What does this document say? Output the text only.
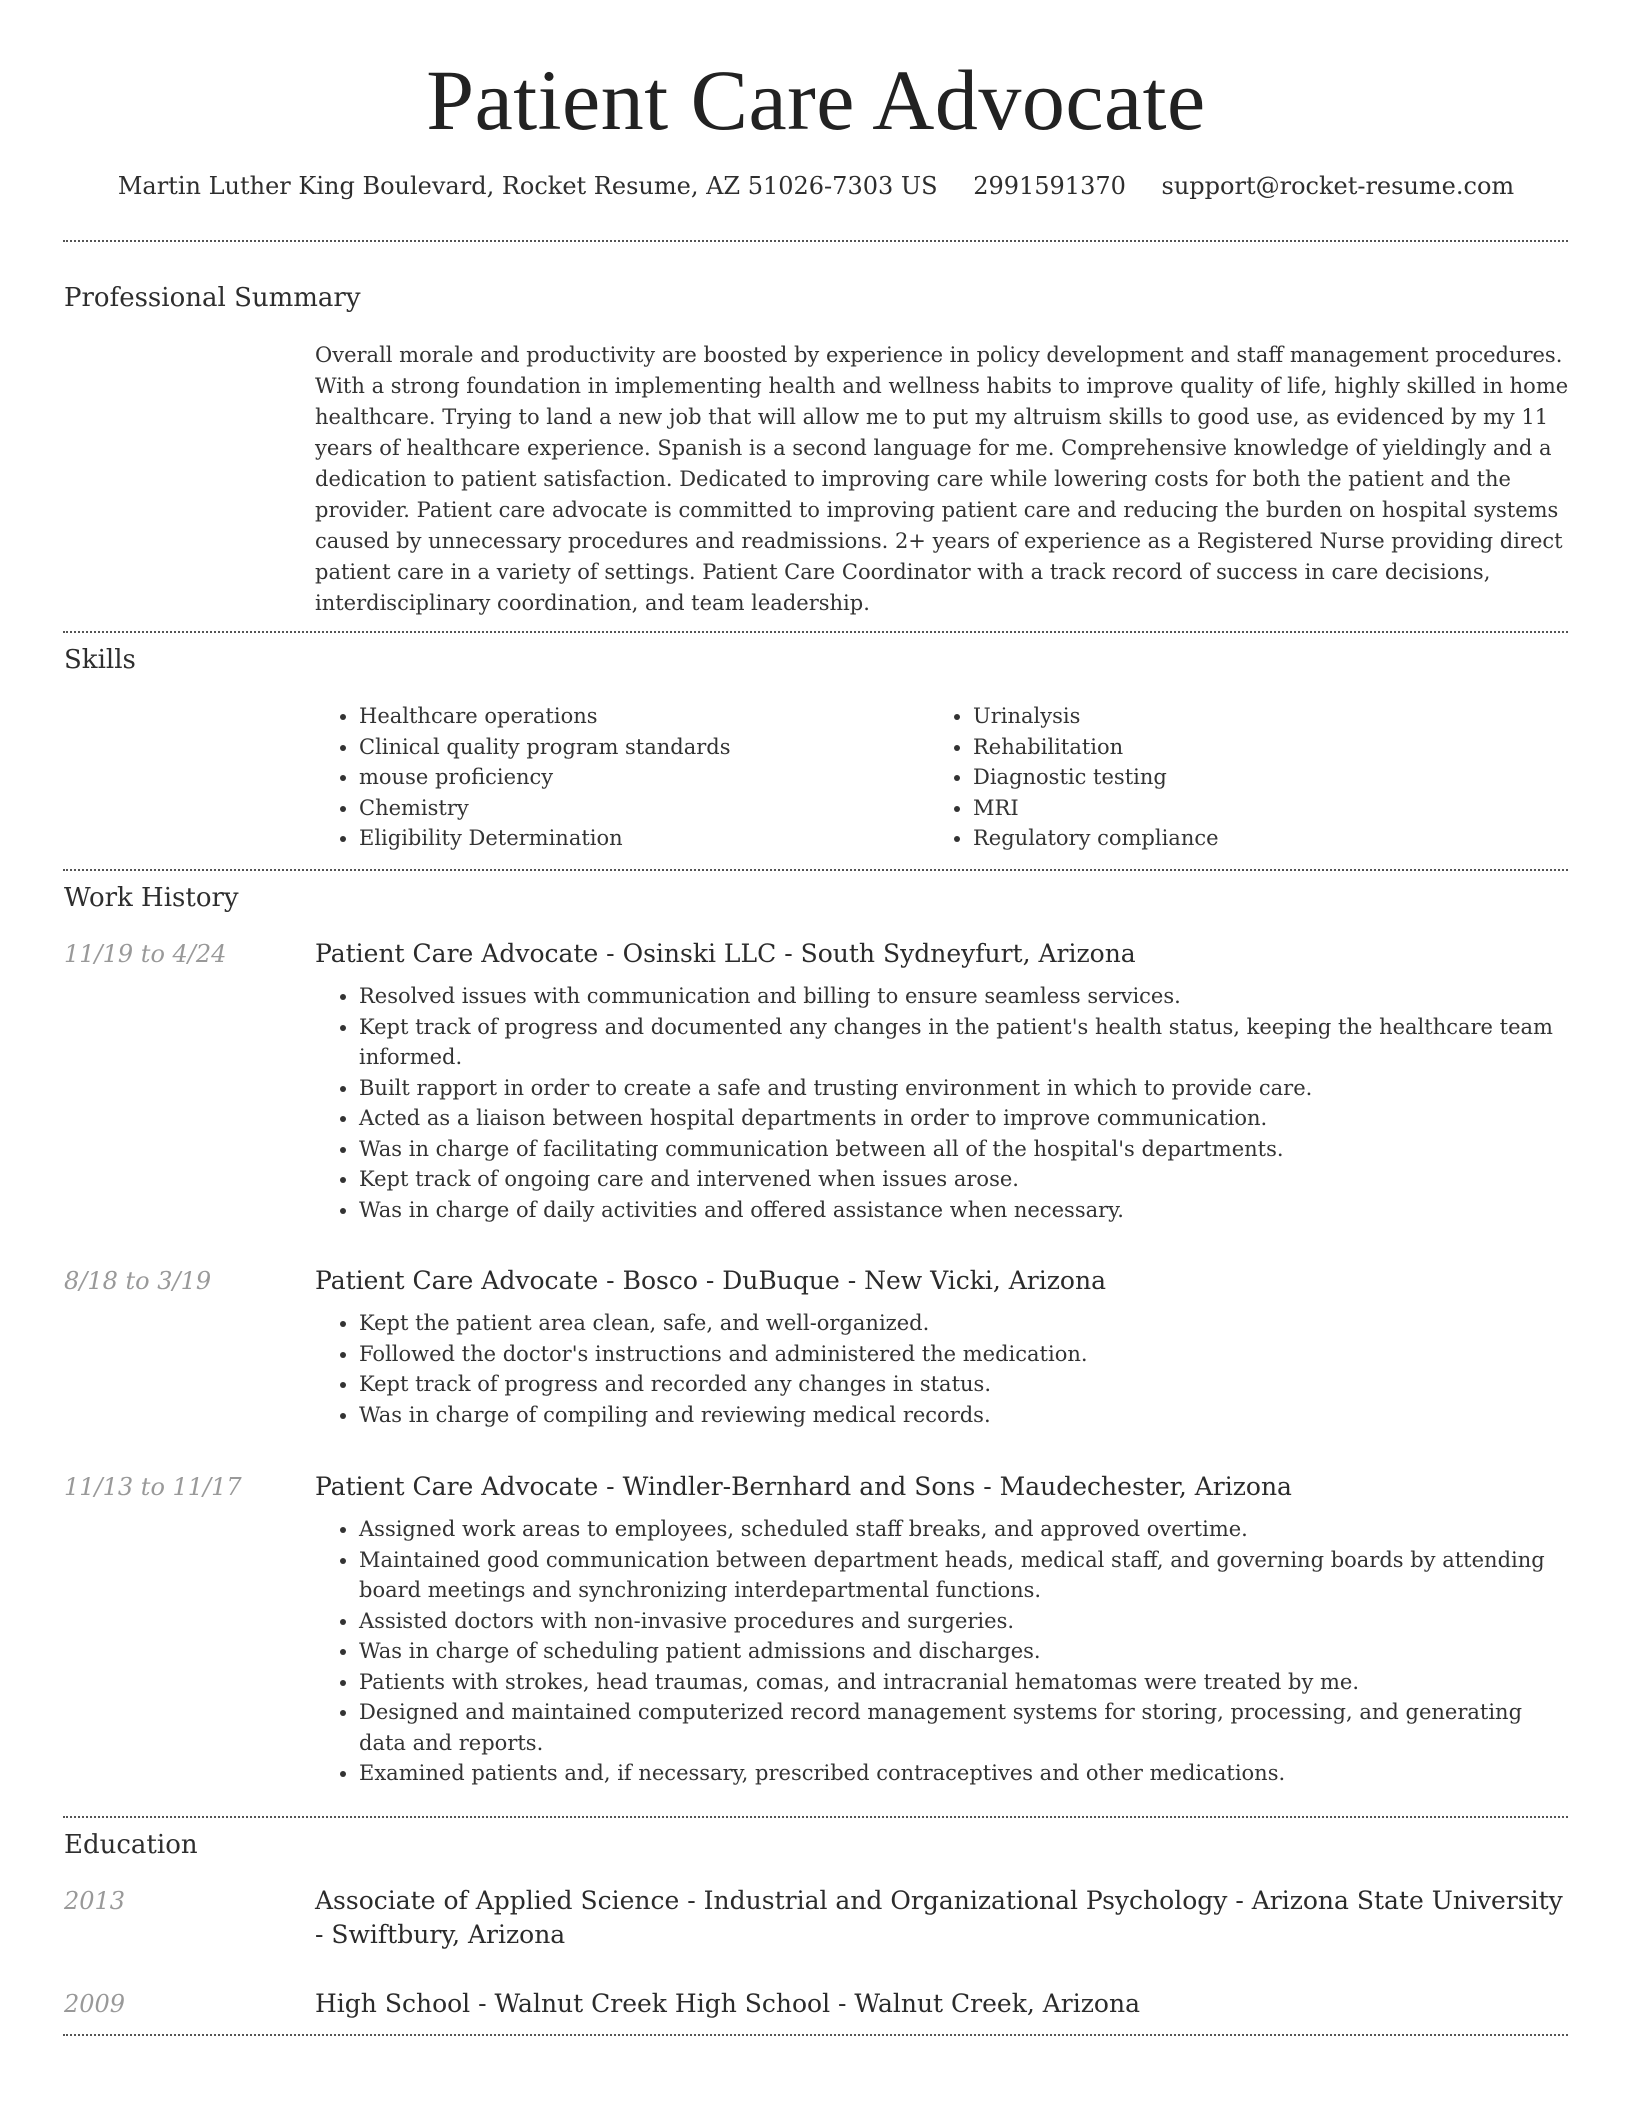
Patient Care Advocate
Martin Luther King Boulevard, Rocket Resume, AZ 51026-7303 US 2991591370 support@rocket-resume.com
Professional Summary

Overall morale and productivity are boosted by experience in policy development and staff management procedures. With a strong foundation in implementing health and wellness habits to improve quality of life, highly skilled in home healthcare. Trying to land a new job that will allow me to put my altruism skills to good use, as evidenced by my 11 years of healthcare experience. Spanish is a second language for me. Comprehensive knowledge of yieldingly and a dedication to patient satisfaction. Dedicated to improving care while lowering costs for both the patient and the provider. Patient care advocate is committed to improving patient care and reducing the burden on hospital systems caused by unnecessary procedures and readmissions. 2+ years of experience as a Registered Nurse providing direct patient care in a variety of settings. Patient Care Coordinator with a track record of success in care decisions, interdisciplinary coordination, and team leadership.

Skills
• Healthcare operations
• Clinical quality program standards
• mouse proficiency
• Chemistry
• Eligibility Determination
• Urinalysis
• Rehabilitation
• Diagnostic testing
• MRI
• Regulatory compliance
Work History
11/19 to 4/24	Patient Care Advocate - Osinski LLC - South Sydneyfurt, Arizona
• Resolved issues with communication and billing to ensure seamless services.
• Kept track of progress and documented any changes in the patient's health status, keeping the healthcare team informed.
• Built rapport in order to create a safe and trusting environment in which to provide care.
• Acted as a liaison between hospital departments in order to improve communication.
• Was in charge of facilitating communication between all of the hospital's departments.
• Kept track of ongoing care and intervened when issues arose.
• Was in charge of daily activities and offered assistance when necessary.
8/18 to 3/19	Patient Care Advocate - Bosco - DuBuque - New Vicki, Arizona
• Kept the patient area clean, safe, and well-organized.
• Followed the doctor's instructions and administered the medication.
• Kept track of progress and recorded any changes in status.
• Was in charge of compiling and reviewing medical records.
11/13 to 11/17	Patient Care Advocate - Windler-Bernhard and Sons - Maudechester, Arizona
• Assigned work areas to employees, scheduled staff breaks, and approved overtime.
• Maintained good communication between department heads, medical staff, and governing boards by attending board meetings and synchronizing interdepartmental functions.
• Assisted doctors with non-invasive procedures and surgeries.
• Was in charge of scheduling patient admissions and discharges.
• Patients with strokes, head traumas, comas, and intracranial hematomas were treated by me.
• Designed and maintained computerized record management systems for storing, processing, and generating data and reports.
• Examined patients and, if necessary, prescribed contraceptives and other medications.
Education
2013	Associate of Applied Science - Industrial and Organizational Psychology - Arizona State University - Swiftbury, Arizona
2009	High School - Walnut Creek High School - Walnut Creek, Arizona
